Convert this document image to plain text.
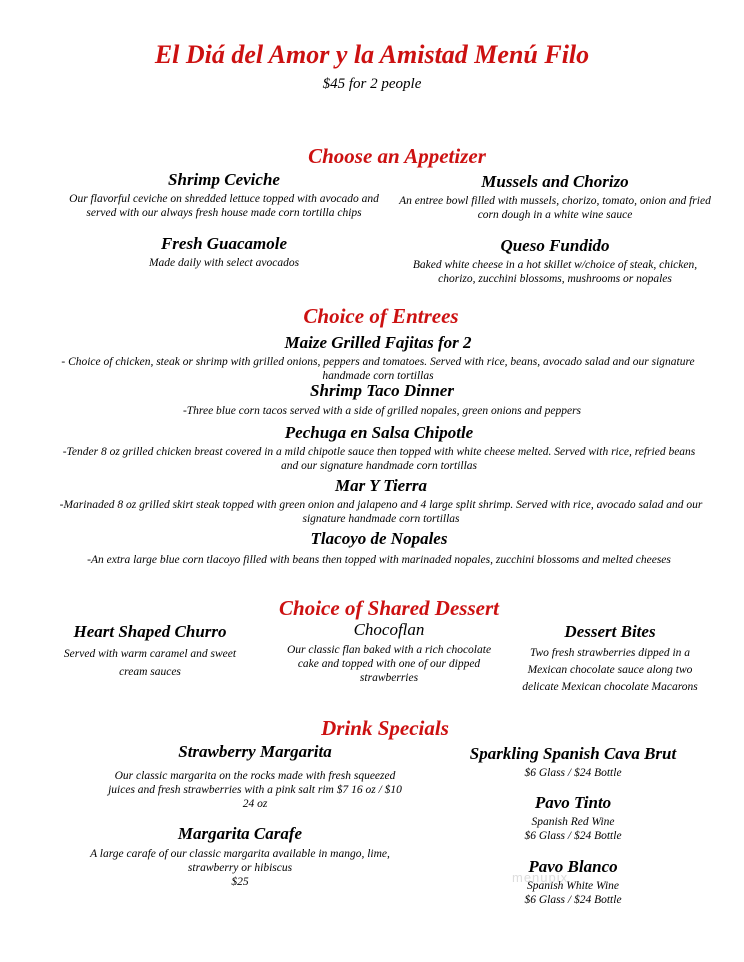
El Diá del Amor y la Amistad Menú Filo
$45 for 2 people
Choose an Appetizer
Shrimp Ceviche
Our flavorful ceviche on shredded lettuce topped with avocado and served with our always fresh house made corn tortilla chips
Mussels and Chorizo
An entree bowl filled with mussels, chorizo, tomato, onion and fried corn dough in a white wine sauce
Fresh Guacamole
Made daily with select avocados
Queso Fundido
Baked white cheese in a hot skillet w/choice of steak, chicken, chorizo, zucchini blossoms, mushrooms or nopales
Choice of Entrees
Maize Grilled Fajitas for 2
- Choice of chicken, steak or shrimp with grilled onions, peppers and tomatoes. Served with rice, beans, avocado salad and our signature handmade corn tortillas
Shrimp Taco Dinner
-Three blue corn tacos served with a side of grilled nopales, green onions and peppers
Pechuga en Salsa Chipotle
-Tender 8 oz grilled chicken breast covered in a mild chipotle sauce then topped with white cheese melted. Served with rice, refried beans and our signature handmade corn tortillas
Mar Y Tierra
-Marinaded 8 oz grilled skirt steak topped with green onion and jalapeno and 4 large split shrimp. Served with rice, avocado salad and our signature handmade corn tortillas
Tlacoyo de Nopales
-An extra large blue corn tlacoyo filled with beans then topped with marinaded nopales, zucchini blossoms and melted cheeses
Choice of Shared Dessert
Heart Shaped Churro
Served with warm caramel and sweet cream sauces
Chocoflan
Our classic flan baked with a rich chocolate cake and topped with one of our dipped strawberries
Dessert Bites
Two fresh strawberries dipped in a Mexican chocolate sauce along two delicate Mexican chocolate Macarons
Drink Specials
Strawberry Margarita
Our classic margarita on the rocks made with fresh squeezed juices and fresh strawberries with a pink salt rim $7 16 oz / $10 24 oz
Margarita Carafe
A large carafe of our classic margarita available in mango, lime, strawberry or hibiscus
$25
Sparkling Spanish Cava Brut
$6 Glass / $24 Bottle
Pavo Tinto
Spanish Red Wine
$6 Glass / $24 Bottle
Pavo Blanco
Spanish White Wine
$6 Glass / $24 Bottle
menupix
